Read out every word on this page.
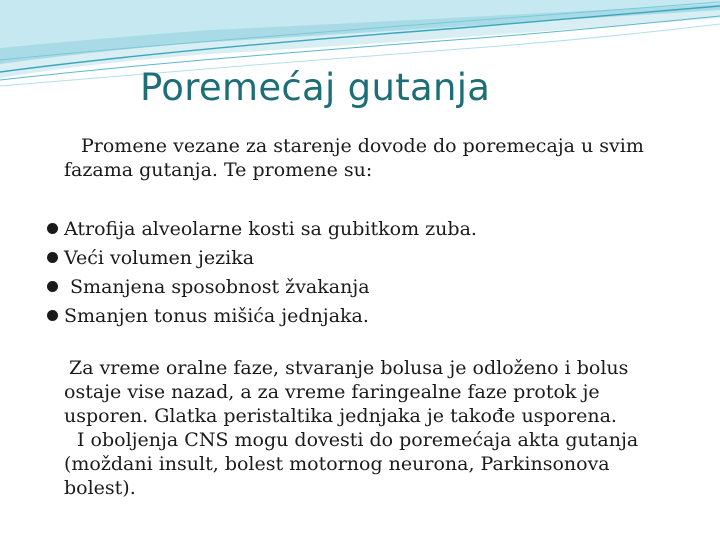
Poremećaj gutanja

Promene vezane za starenje dovode do poremecaja u svim fazama gutanja. Te promene su:

Atrofija alveolarne kosti sa gubitkom zuba.
Veći volumen jezika
Smanjena sposobnost žvakanja
Smanjen tonus mišića jednjaka.

Za vreme oralne faze, stvaranje bolusa je odloženo i bolus ostaje vise nazad, a za vreme faringealne faze protok je usporen. Glatka peristaltika jednjaka je takođe usporena.

I oboljenja CNS mogu dovesti do poremećaja akta gutanja (moždani insult, bolest motornog neurona, Parkinsonova bolest).
